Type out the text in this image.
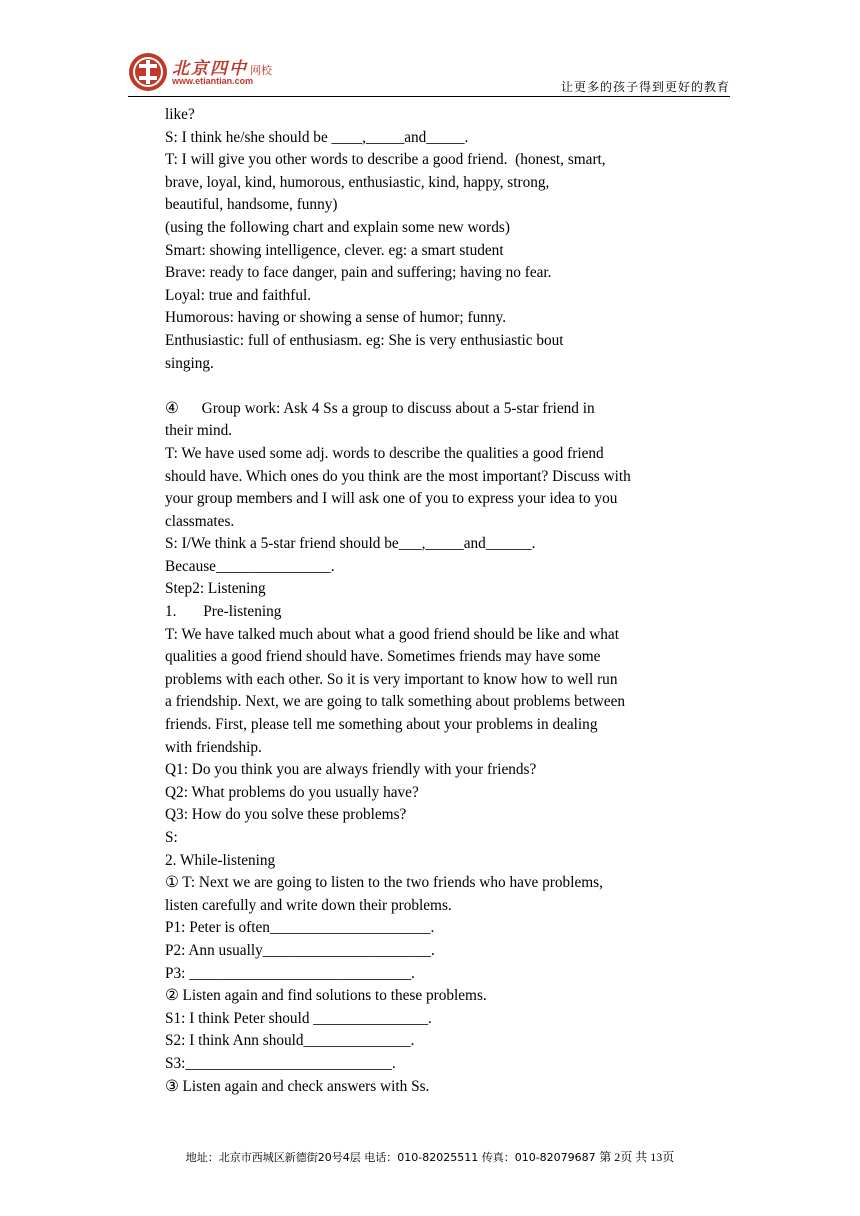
北京四中 网校
www.etiantian.com	让更多的孩子得到更好的教育
like?
S: I think he/she should be ____,_____and_____.
T: I will give you other words to describe a good friend.  (honest, smart,
brave, loyal, kind, humorous, enthusiastic, kind, happy, strong,
beautiful, handsome, funny)
(using the following chart and explain some new words)
Smart: showing intelligence, clever. eg: a smart student
Brave: ready to face danger, pain and suffering; having no fear.
Loyal: true and faithful.
Humorous: having or showing a sense of humor; funny.
Enthusiastic: full of enthusiasm. eg: She is very enthusiastic bout
singing.
④      Group work: Ask 4 Ss a group to discuss about a 5-star friend in
their mind.
T: We have used some adj. words to describe the qualities a good friend
should have. Which ones do you think are the most important? Discuss with
your group members and I will ask one of you to express your idea to you
classmates.
S: I/We think a 5-star friend should be___,_____and______.
Because_______________.
Step2: Listening
1.       Pre-listening
T: We have talked much about what a good friend should be like and what
qualities a good friend should have. Sometimes friends may have some
problems with each other. So it is very important to know how to well run
a friendship. Next, we are going to talk something about problems between
friends. First, please tell me something about your problems in dealing
with friendship.
Q1: Do you think you are always friendly with your friends?
Q2: What problems do you usually have?
Q3: How do you solve these problems?
S:
2. While-listening
① T: Next we are going to listen to the two friends who have problems,
listen carefully and write down their problems.
P1: Peter is often_____________________.
P2: Ann usually______________________.
P3: _____________________________.
② Listen again and find solutions to these problems.
S1: I think Peter should _______________.
S2: I think Ann should______________.
S3:___________________________.
③ Listen again and check answers with Ss.
地址：北京市西城区新德街20号4层 电话：010-82025511 传真：010-82079687 第 2页 共 13页
